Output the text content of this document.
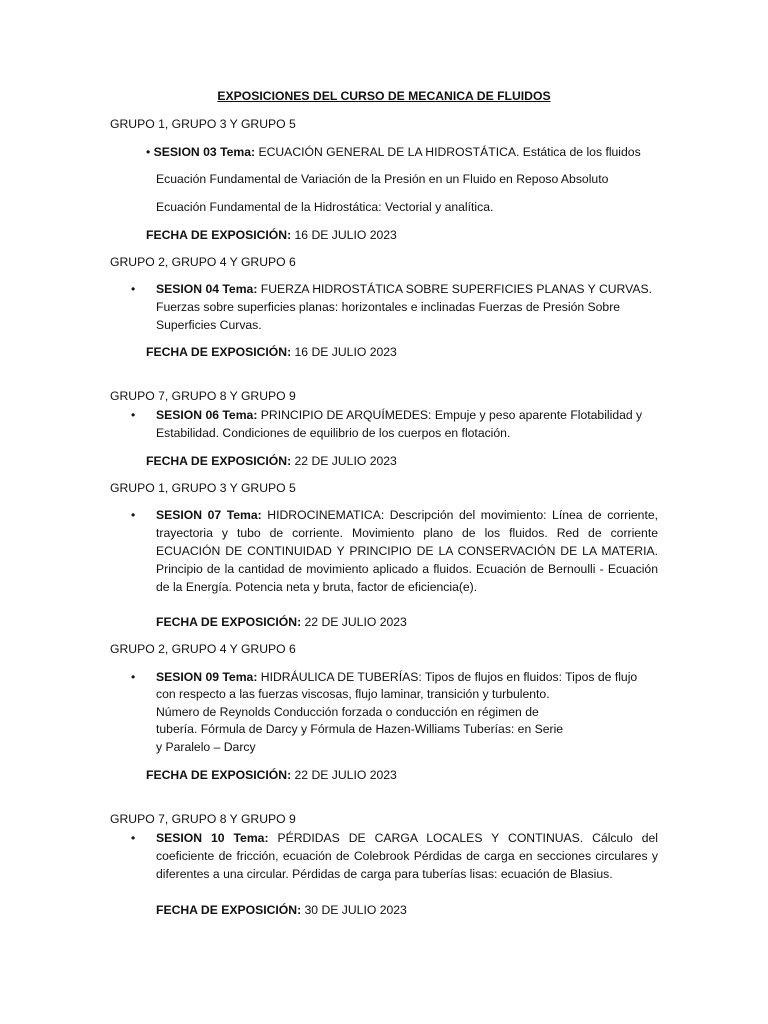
EXPOSICIONES DEL CURSO DE MECANICA DE FLUIDOS
GRUPO 1, GRUPO 3 Y GRUPO 5
• SESION 03 Tema: ECUACIÓN GENERAL DE LA HIDROSTÁTICA. Estática de los fluidos
Ecuación Fundamental de Variación de la Presión en un Fluido en Reposo Absoluto
Ecuación Fundamental de la Hidrostática: Vectorial y analítica.
FECHA DE EXPOSICIÓN: 16 DE JULIO 2023
GRUPO 2, GRUPO 4 Y GRUPO 6
• SESION 04 Tema: FUERZA HIDROSTÁTICA SOBRE SUPERFICIES PLANAS Y CURVAS. Fuerzas sobre superficies planas: horizontales e inclinadas Fuerzas de Presión Sobre Superficies Curvas.
FECHA DE EXPOSICIÓN: 16 DE JULIO 2023
GRUPO 7, GRUPO 8 Y GRUPO 9
• SESION 06 Tema: PRINCIPIO DE ARQUÍMEDES: Empuje y peso aparente Flotabilidad y Estabilidad. Condiciones de equilibrio de los cuerpos en flotación.
FECHA DE EXPOSICIÓN: 22 DE JULIO 2023
GRUPO 1, GRUPO 3 Y GRUPO 5
• SESION 07 Tema: HIDROCINEMATICA: Descripción del movimiento: Línea de corriente, trayectoria y tubo de corriente. Movimiento plano de los fluidos. Red de corriente ECUACIÓN DE CONTINUIDAD Y PRINCIPIO DE LA CONSERVACIÓN DE LA MATERIA. Principio de la cantidad de movimiento aplicado a fluidos. Ecuación de Bernoulli - Ecuación de la Energía. Potencia neta y bruta, factor de eficiencia(e).
FECHA DE EXPOSICIÓN: 22 DE JULIO 2023
GRUPO 2, GRUPO 4 Y GRUPO 6
• SESION 09 Tema: HIDRÁULICA DE TUBERÍAS: Tipos de flujos en fluidos: Tipos de flujo
con respecto a las fuerzas viscosas, flujo laminar, transición y turbulento.
Número de Reynolds Conducción forzada o conducción en régimen de
tubería. Fórmula de Darcy y Fórmula de Hazen-Williams Tuberías: en Serie
y Paralelo – Darcy
FECHA DE EXPOSICIÓN: 22 DE JULIO 2023
GRUPO 7, GRUPO 8 Y GRUPO 9
• SESION 10 Tema: PÉRDIDAS DE CARGA LOCALES Y CONTINUAS. Cálculo del coeficiente de fricción, ecuación de Colebrook Pérdidas de carga en secciones circulares y diferentes a una circular. Pérdidas de carga para tuberías lisas: ecuación de Blasius.
FECHA DE EXPOSICIÓN: 30 DE JULIO 2023
